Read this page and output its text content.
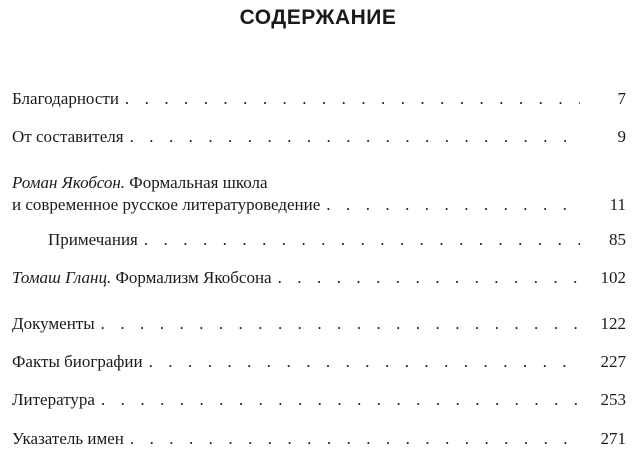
СОДЕРЖАНИЕ
Благодарности . . .	7
От составителя . . .	9
Роман Якобсон. Формальная школа
и современное русское литературоведение . . .	11
Примечания . . .	85
Томаш Гланц. Формализм Якобсона . . .	102
Документы . . .	122
Факты биографии . . .	227
Литература . . .	253
Указатель имен . . .	271
